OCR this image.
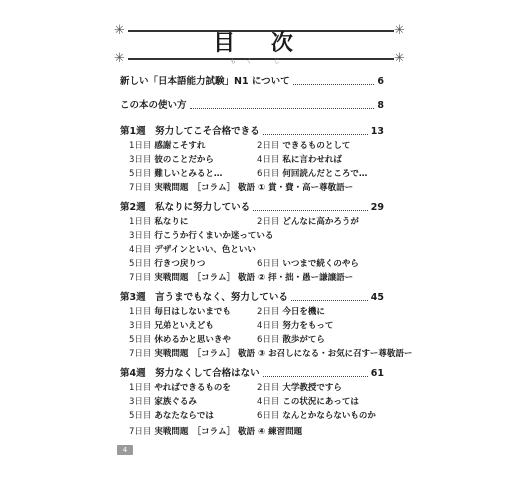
✳	✳
✳	✳
目 次
もく じ
新しい「日本語能力試験」N1 について	6
この本の使い方	8
第1週　努力してこそ合格できる	13
1日目 感謝こそすれ	2日目 できるものとして
3日目 彼のことだから	4日目 私に言わせれば
5日目 難しいとみると…	6日目 何回読んだところで…
7日目 実戦問題　［コラム］ 敬語 ① 賞・費・高ー尊敬語ー
第2週　私なりに努力している	29
1日目 私なりに	2日目 どんなに高かろうが
3日目 行こうか行くまいか迷っている
4日目 デザインといい、色といい
5日目 行きつ戻りつ	6日目 いつまで続くのやら
7日目 実戦問題　［コラム］ 敬語 ② 拝・拙・愚ー謙譲語ー
第3週　言うまでもなく、努力している	45
1日目 毎日はしないまでも	2日目 今日を機に
3日目 兄弟といえども	4日目 努力をもって
5日目 休めるかと思いきや	6日目 散歩がてら
7日目 実戦問題　［コラム］ 敬語 ③ お召しになる・お気に召すー尊敬語ー
第4週　努力なくして合格はない	61
1日目 やればできるものを	2日目 大学教授ですら
3日目 家族ぐるみ	4日目 この状況にあっては
5日目 あなたならでは	6日目 なんとかならないものか
7日目 実戦問題　［コラム］ 敬語 ④ 練習問題
4
